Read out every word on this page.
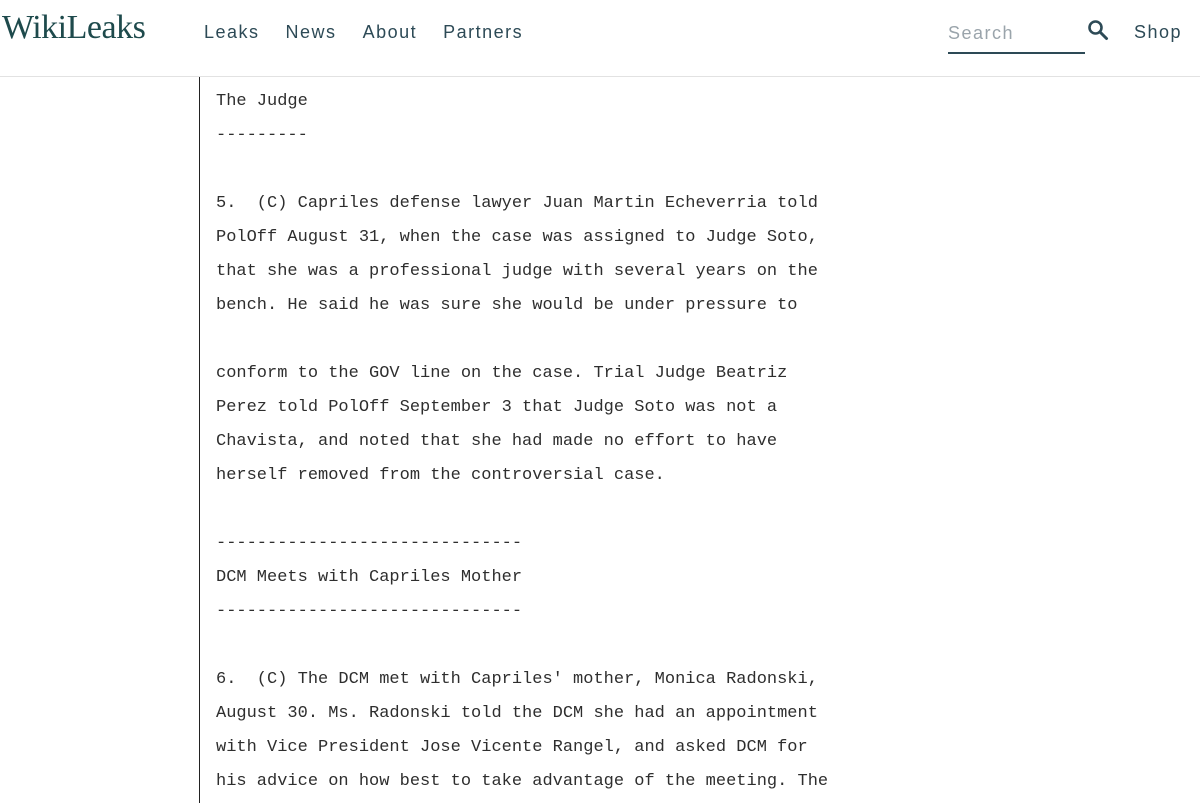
WikiLeaks	Leaks News About Partners
Search	Shop
The Judge
---------

5.  (C) Capriles defense lawyer Juan Martin Echeverria told
PolOff August 31, when the case was assigned to Judge Soto,
that she was a professional judge with several years on the
bench. He said he was sure she would be under pressure to

conform to the GOV line on the case. Trial Judge Beatriz
Perez told PolOff September 3 that Judge Soto was not a
Chavista, and noted that she had made no effort to have
herself removed from the controversial case.

------------------------------
DCM Meets with Capriles Mother
------------------------------

6.  (C) The DCM met with Capriles' mother, Monica Radonski,
August 30. Ms. Radonski told the DCM she had an appointment
with Vice President Jose Vicente Rangel, and asked DCM for
his advice on how best to take advantage of the meeting. The
